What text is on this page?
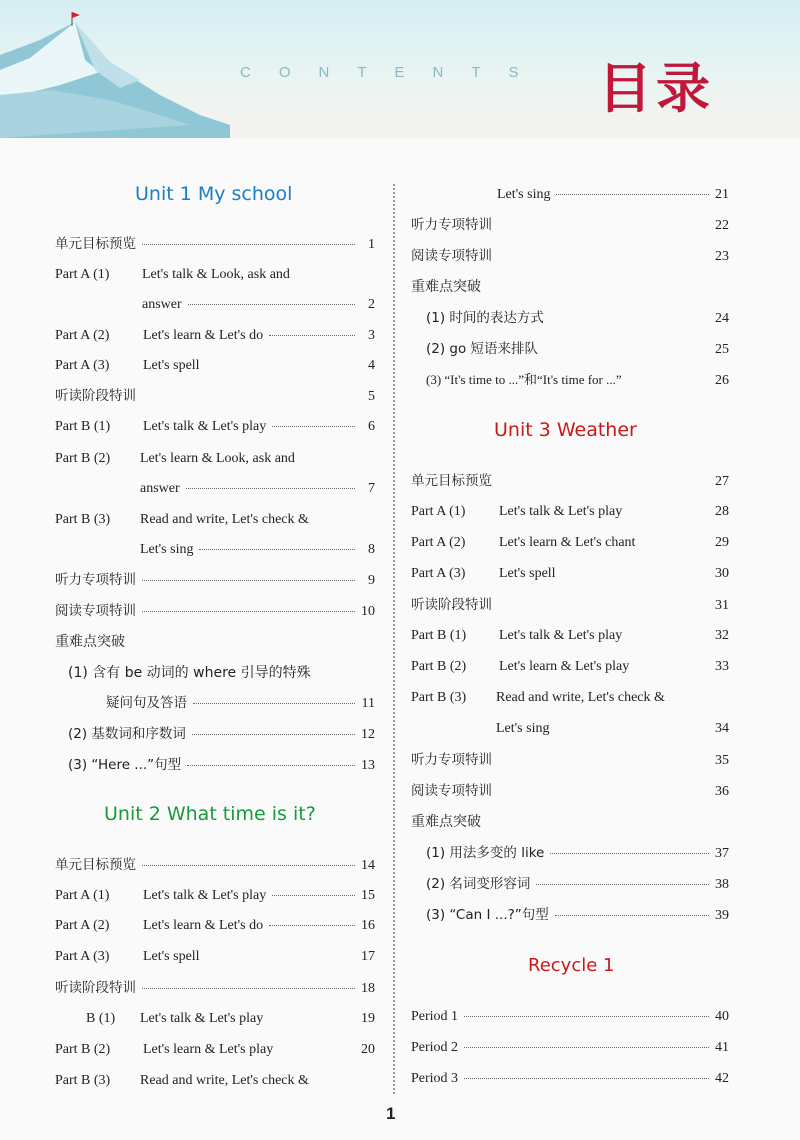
CONTENTS 目录
Unit 1 My school
单元目标预览	1
Part A (1) Let's talk & Look, ask and
answer	2
Part A (2)	Let's learn & Let's do	3
Part A (3)	Let's spell	4
听读阶段特训	5
Part B (1)	Let's talk & Let's play	6
Part B (2) Let's learn & Look, ask and
answer	7
Part B (3) Read and write, Let's check &
Let's sing	8
听力专项特训	9
阅读专项特训	10
重难点突破
(1) 含有 be 动词的 where 引导的特殊
疑问句及答语	11
(2) 基数词和序数词	12
(3) “Here ...”句型	13
Unit 2 What time is it?
单元目标预览	14
Part A (1)	Let's talk & Let's play	15
Part A (2)	Let's learn & Let's do	16
Part A (3)	Let's spell	17
听读阶段特训	18
B (1)	Let's talk & Let's play	19
Part B (2)	Let's learn & Let's play	20
Part B (3) Read and write, Let's check &
Let's sing	21
听力专项特训	22
阅读专项特训	23
重难点突破
(1) 时间的表达方式	24
(2) go 短语来排队	25
(3) “It's time to ...”和“It's time for ...”	26
Unit 3 Weather
单元目标预览	27
Part A (1)	Let's talk & Let's play	28
Part A (2)	Let's learn & Let's chant	29
Part A (3)	Let's spell	30
听读阶段特训	31
Part B (1)	Let's talk & Let's play	32
Part B (2)	Let's learn & Let's play	33
Part B (3) Read and write, Let's check &
Let's sing	34
听力专项特训	35
阅读专项特训	36
重难点突破
(1) 用法多变的 like	37
(2) 名词变形容词	38
(3) “Can I ...?”句型	39
Recycle 1
Period 1	40
Period 2	41
Period 3	42
1
